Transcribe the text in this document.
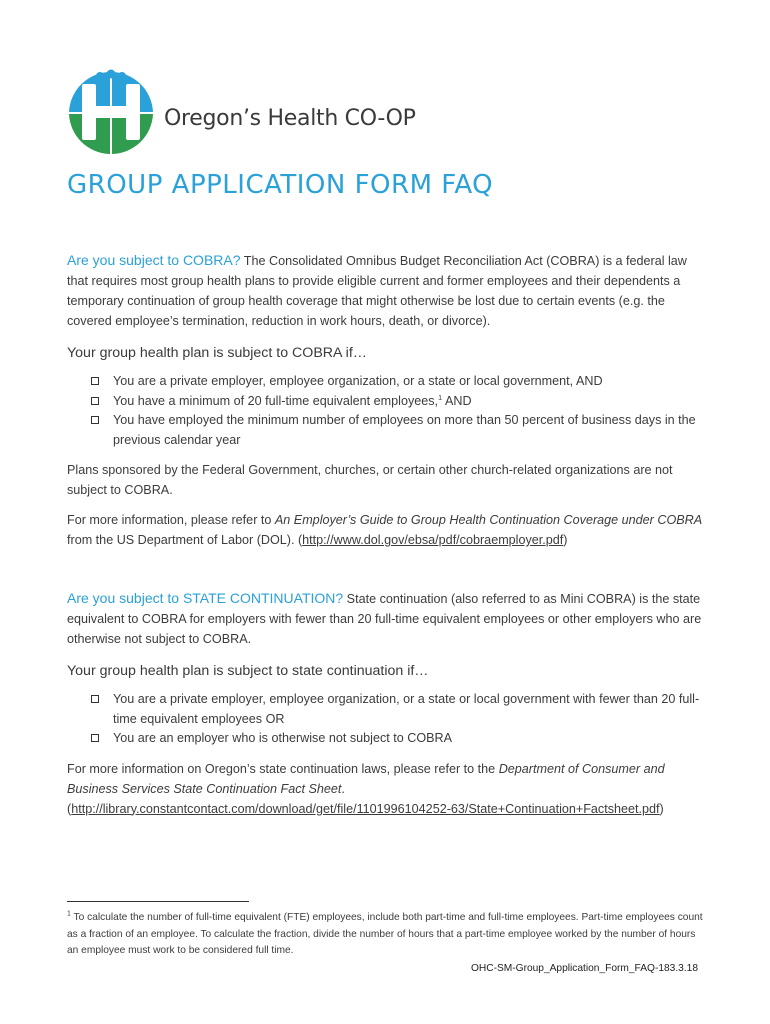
Oregon’s Health CO-OP
GROUP APPLICATION FORM FAQ

Are you subject to COBRA? The Consolidated Omnibus Budget Reconciliation Act (COBRA) is a federal law that requires most group health plans to provide eligible current and former employees and their dependents a temporary continuation of group health coverage that might otherwise be lost due to certain events (e.g. the covered employee’s termination, reduction in work hours, death, or divorce).

Your group health plan is subject to COBRA if…

You are a private employer, employee organization, or a state or local government, AND
You have a minimum of 20 full-time equivalent employees,$^1$ AND
You have employed the minimum number of employees on more than 50 percent of business days in the previous calendar year

Plans sponsored by the Federal Government, churches, or certain other church-related organizations are not subject to COBRA.

For more information, please refer to An Employer’s Guide to Group Health Continuation Coverage under COBRA from the US Department of Labor (DOL). (http://www.dol.gov/ebsa/pdf/cobraemployer.pdf)

Are you subject to STATE CONTINUATION? State continuation (also referred to as Mini COBRA) is the state equivalent to COBRA for employers with fewer than 20 full-time equivalent employees or other employers who are otherwise not subject to COBRA.

Your group health plan is subject to state continuation if…

You are a private employer, employee organization, or a state or local government with fewer than 20 full-time equivalent employees OR
You are an employer who is otherwise not subject to COBRA

For more information on Oregon’s state continuation laws, please refer to the Department of Consumer and Business Services State Continuation Fact Sheet.
(http://library.constantcontact.com/download/get/file/1101996104252-63/State+Continuation+Factsheet.pdf)

$^1$ To calculate the number of full-time equivalent (FTE) employees, include both part-time and full-time employees. Part-time employees count as a fraction of an employee. To calculate the fraction, divide the number of hours that a part-time employee worked by the number of hours an employee must work to be considered full time.

OHC-SM-Group_Application_Form_FAQ-183.3.18
